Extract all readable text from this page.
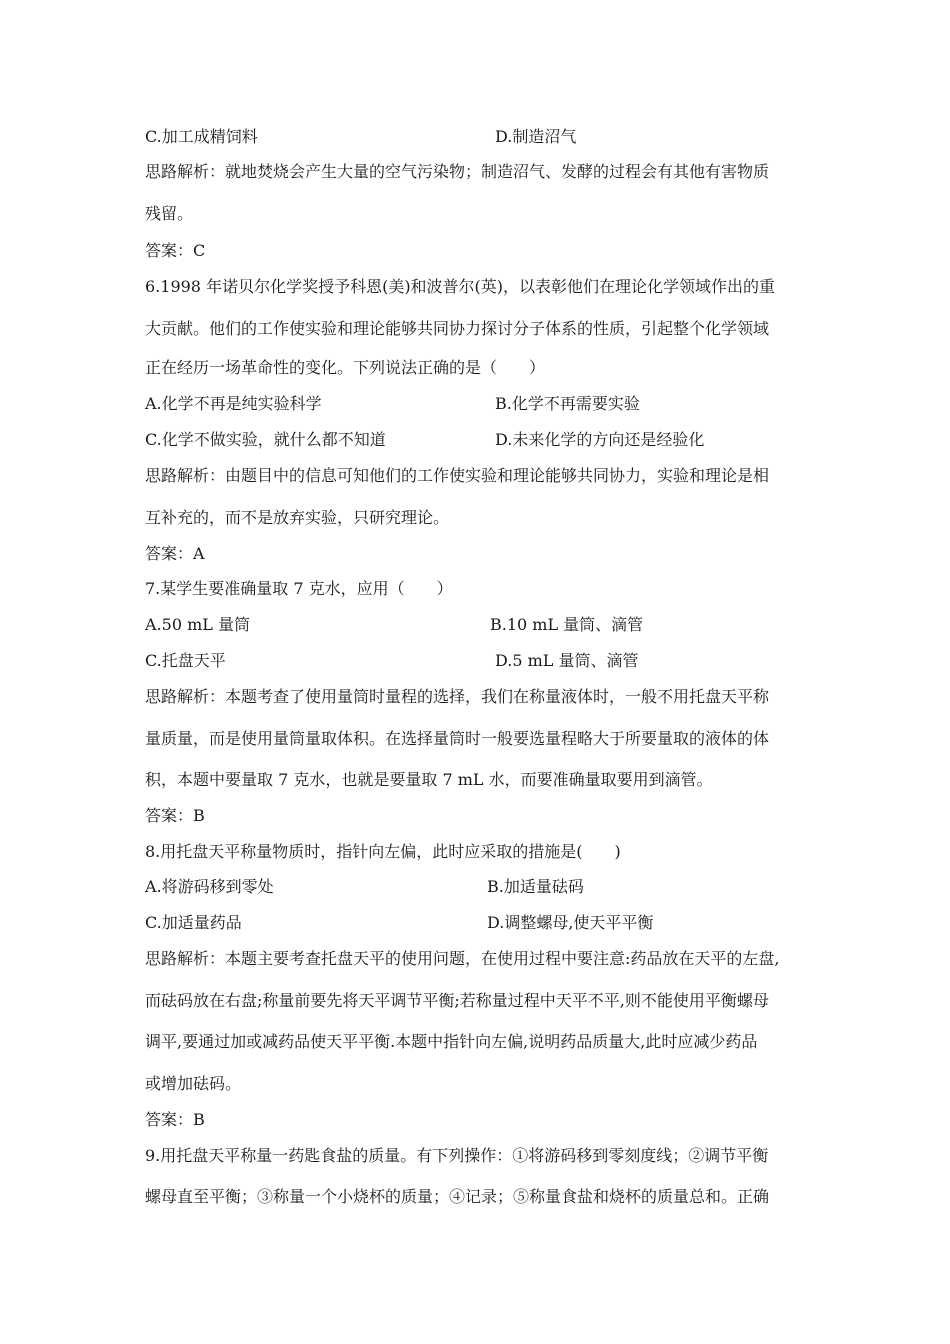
C.加工成精饲料	D.制造沼气
思路解析：就地焚烧会产生大量的空气污染物；制造沼气、发酵的过程会有其他有害物质
残留。
答案：C
6.1998 年诺贝尔化学奖授予科恩(美)和波普尔(英)，以表彰他们在理论化学领域作出的重
大贡献。他们的工作使实验和理论能够共同协力探讨分子体系的性质，引起整个化学领域
正在经历一场革命性的变化。下列说法正确的是（　　）
A.化学不再是纯实验科学	B.化学不再需要实验
C.化学不做实验，就什么都不知道	D.未来化学的方向还是经验化
思路解析：由题目中的信息可知他们的工作使实验和理论能够共同协力，实验和理论是相
互补充的，而不是放弃实验，只研究理论。
答案：A
7.某学生要准确量取 7 克水，应用（　　）
A.50 mL 量筒	B.10 mL 量筒、滴管
C.托盘天平	D.5 mL 量筒、滴管
思路解析：本题考查了使用量筒时量程的选择，我们在称量液体时，一般不用托盘天平称
量质量，而是使用量筒量取体积。在选择量筒时一般要选量程略大于所要量取的液体的体
积，本题中要量取 7 克水，也就是要量取 7 mL 水，而要准确量取要用到滴管。
答案：B
8.用托盘天平称量物质时，指针向左偏，此时应采取的措施是(　　)
A.将游码移到零处	B.加适量砝码
C.加适量药品	D.调整螺母,使天平平衡
思路解析：本题主要考查托盘天平的使用问题，在使用过程中要注意:药品放在天平的左盘,
而砝码放在右盘;称量前要先将天平调节平衡;若称量过程中天平不平,则不能使用平衡螺母
调平,要通过加或减药品使天平平衡.本题中指针向左偏,说明药品质量大,此时应减少药品
或增加砝码。
答案：B
9.用托盘天平称量一药匙食盐的质量。有下列操作：①将游码移到零刻度线；②调节平衡
螺母直至平衡；③称量一个小烧杯的质量；④记录；⑤称量食盐和烧杯的质量总和。正确
